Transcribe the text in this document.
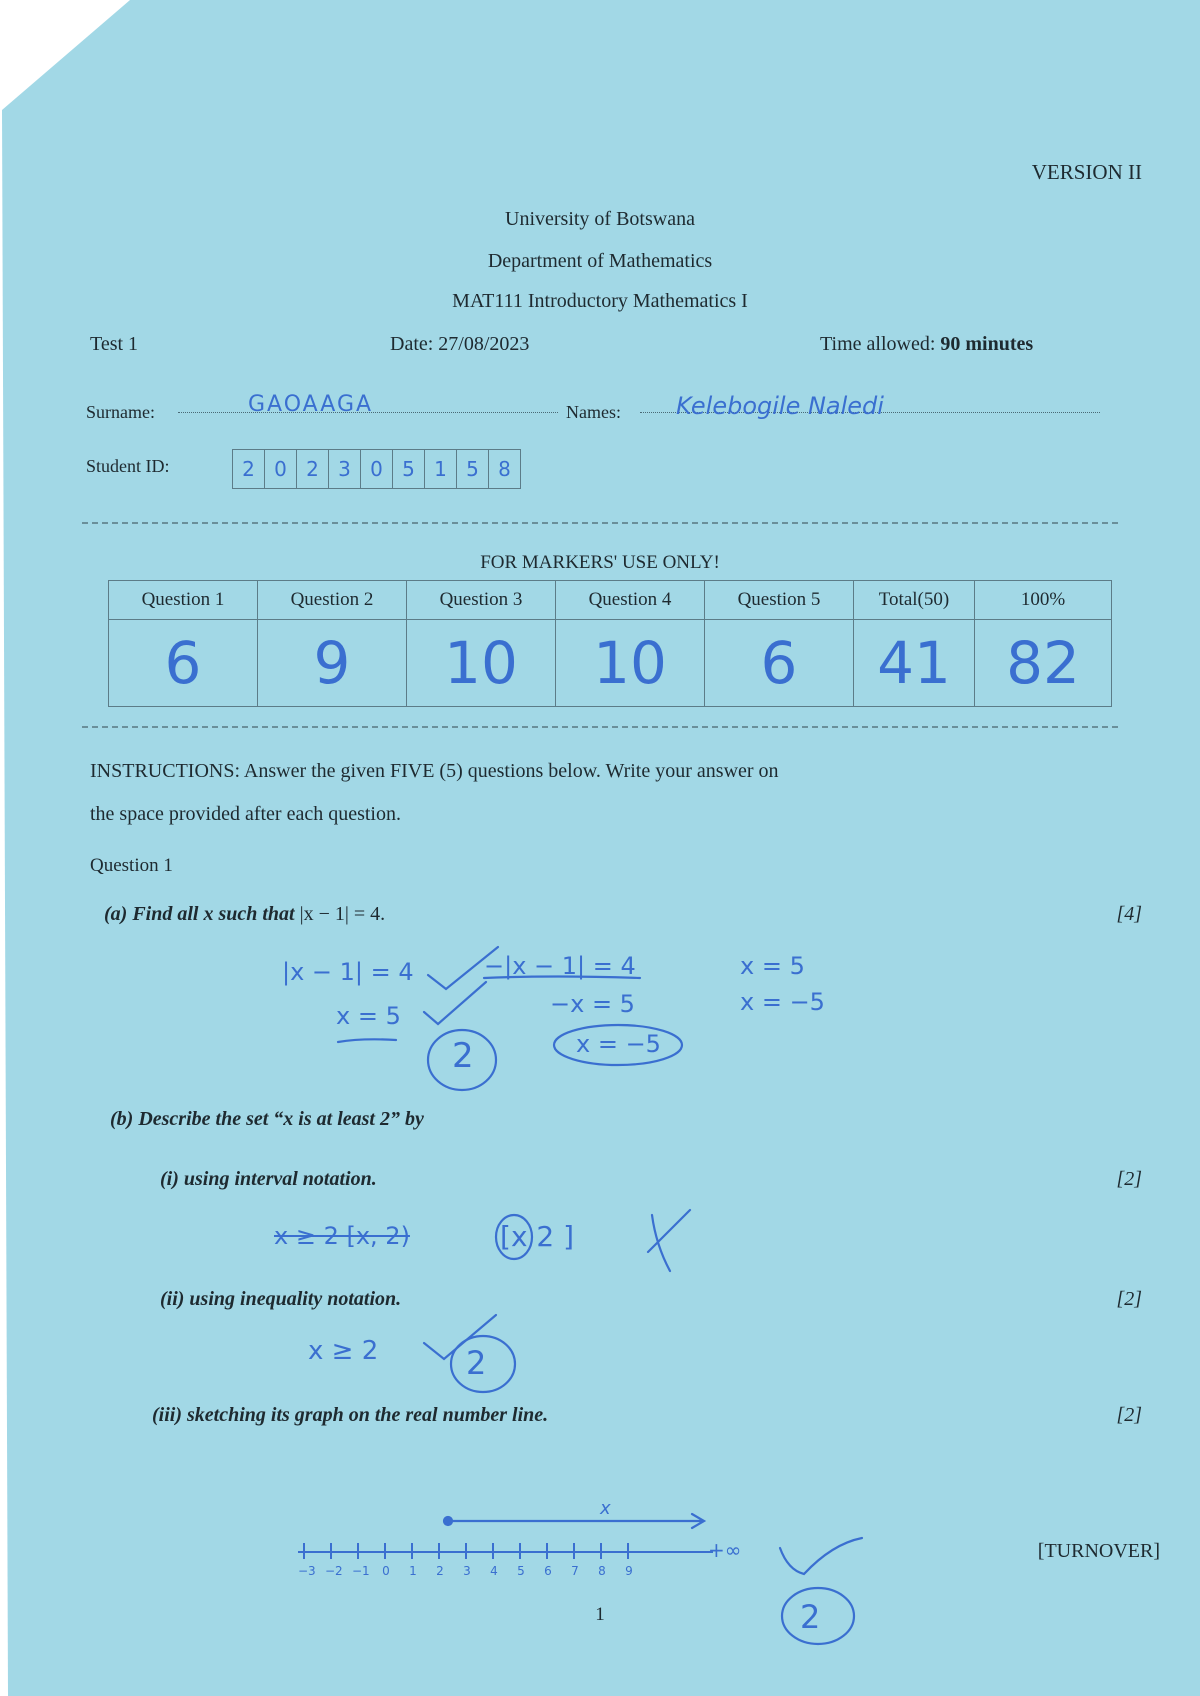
VERSION II
University of Botswana
Department of Mathematics
MAT111 Introductory Mathematics I
Test 1	Date: 27/08/2023	Time allowed: 90 minutes
Surname:	GAOAAGA	Names: Kelebogile Naledi
Student ID:	2 0 2 3 0 5 1 5 8
FOR MARKERS' USE ONLY!
Question 1	Question 2	Question 3	Question 4	Question 5	Total(50)	100%
6	9	10	10	6	41	82
INSTRUCTIONS: Answer the given FIVE (5) questions below. Write your answer on
the space provided after each question.
Question 1
(a) Find all x such that |x − 1| = 4.	[4]
|x − 1| = 4
x = 5
−|x − 1| = 4
−x = 5
x = −5
x = 5
x = −5
2
(b) Describe the set “x is at least 2” by
(i) using interval notation.	[2]
x ≥ 2 [x, 2)	[x 2 ]
(ii) using inequality notation.	[2]
x ≥ 2	2
(iii) sketching its graph on the real number line.	[2]
−3 −2 −1 0 1 2 3 4 5 6 7 8 9
+∞
x
2
[TURNOVER]
1
